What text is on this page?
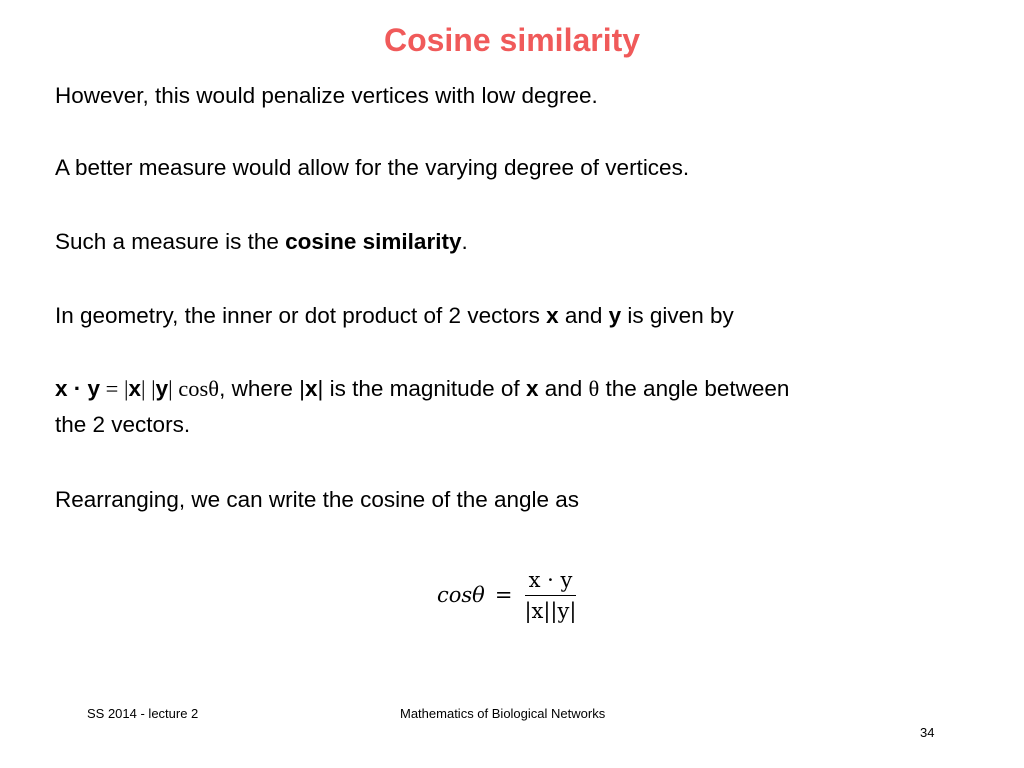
Cosine similarity
However, this would penalize vertices with low degree.
A better measure would allow for the varying degree of vertices.
Such a measure is the cosine similarity.
In geometry, the inner or dot product of 2 vectors x and y is given by
x · y = |x| |y| cosθ, where |x| is the magnitude of x and θ the angle between
the 2 vectors.
Rearranging, we can write the cosine of the angle as
$\cos\theta = \frac{x \cdot y}{|x||y|}$
SS 2014 - lecture 2	Mathematics of Biological Networks
34
